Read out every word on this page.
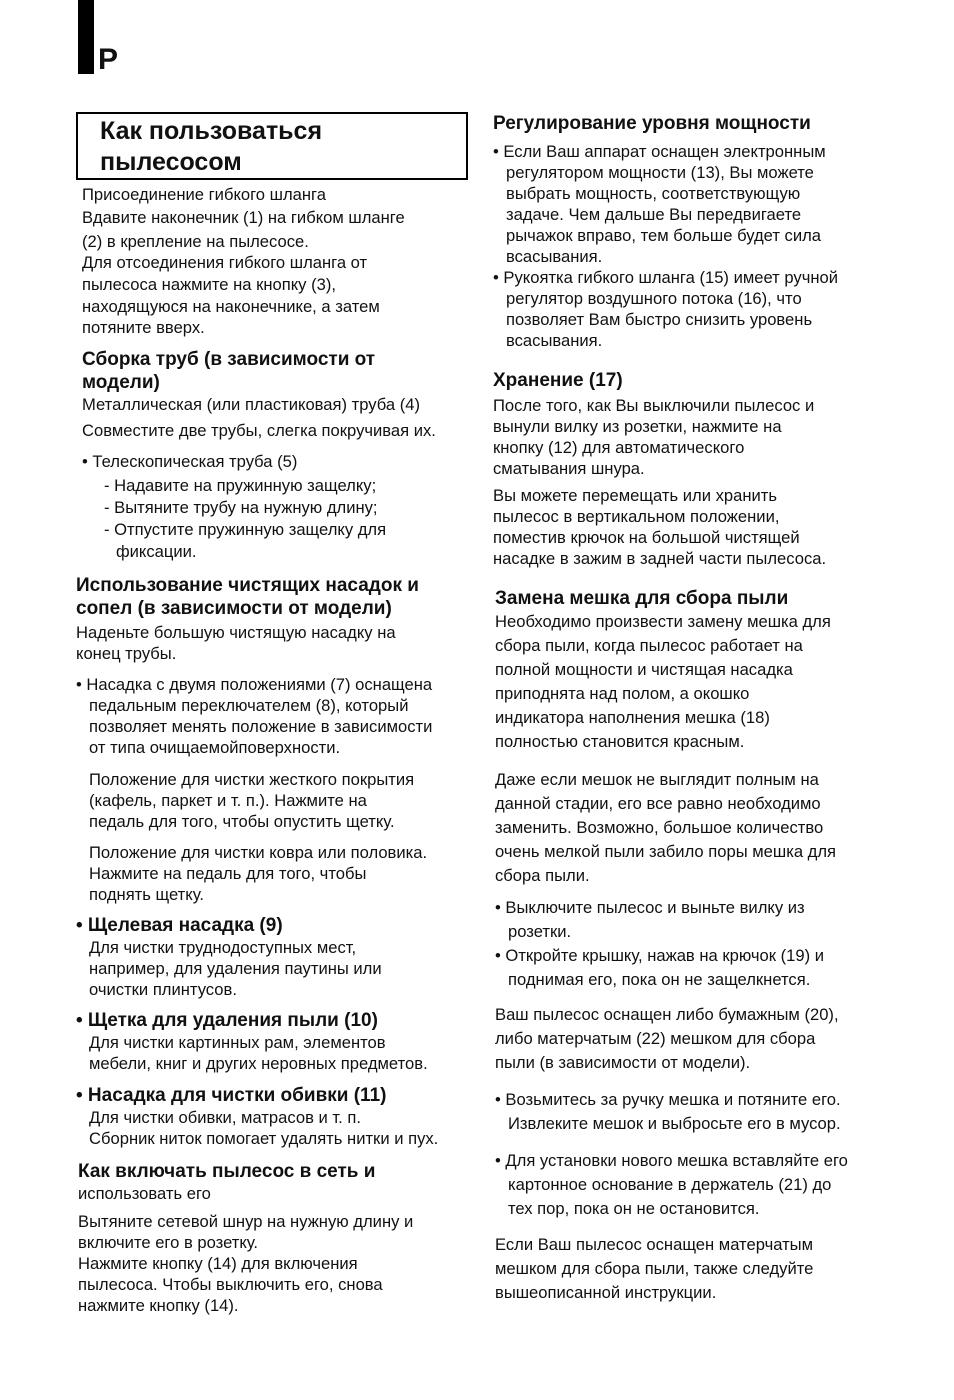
P
Как пользоваться
пылесосом

Присоединение гибкого шланга

Вдавите наконечник (1) на гибком шланге

(2) в крепление на пылесосе.

Для отсоединения гибкого шланга от

пылесоса нажмите на кнопку (3),

находящуюся на наконечнике, а затем

потяните вверх.

Сборка труб (в зависимости от
модели)

Металлическая (или пластиковая) труба (4)

Совместите две трубы, слегка покручивая их.

• Телескопическая труба (5)

- Надавите на пружинную защелку;

- Вытяните трубу на нужную длину;

- Отпустите пружинную защелку для

фиксации.

Использование чистящих насадок и
сопел (в зависимости от модели)

Наденьте большую чистящую насадку на

конец трубы.

• Насадка с двумя положениями (7) оснащена

педальным переключателем (8), который

позволяет менять положение в зависимости

от типа очищаемойповерхности.

Положение для чистки жесткого покрытия

(кафель, паркет и т. п.). Нажмите на

педаль для того, чтобы опустить щетку.

Положение для чистки ковра или половика.

Нажмите на педаль для того, чтобы

поднять щетку.

• Щелевая насадка (9)

Для чистки труднодоступных мест,

например, для удаления паутины или

очистки плинтусов.

• Щетка для удаления пыли (10)

Для чистки картинных рам, элементов

мебели, книг и других неровных предметов.

• Насадка для чистки обивки (11)

Для чистки обивки, матрасов и т. п.

Сборник ниток помогает удалять нитки и пух.

Как включать пылесос в сеть и

использовать его

Вытяните сетевой шнур на нужную длину и

включите его в розетку.

Нажмите кнопку (14) для включения

пылесоса. Чтобы выключить его, снова

нажмите кнопку (14).

Регулирование уровня мощности

• Если Ваш аппарат оснащен электронным

регулятором мощности (13), Вы можете

выбрать мощность, соответствующую

задаче. Чем дальше Вы передвигаете

рычажок вправо, тем больше будет сила

всасывания.

• Рукоятка гибкого шланга (15) имеет ручной

регулятор воздушного потока (16), что

позволяет Вам быстро снизить уровень

всасывания.

Хранение (17)

После того, как Вы выключили пылесос и

вынули вилку из розетки, нажмите на

кнопку (12) для автоматического

сматывания шнура.

Вы можете перемещать или хранить

пылесос в вертикальном положении,

поместив крючок на большой чистящей

насадке в зажим в задней части пылесоса.

Замена мешка для сбора пыли

Необходимо произвести замену мешка для

сбора пыли, когда пылесос работает на

полной мощности и чистящая насадка

приподнята над полом, а окошко

индикатора наполнения мешка (18)

полностью становится красным.

Даже если мешок не выглядит полным на

данной стадии, его все равно необходимо

заменить. Возможно, большое количество

очень мелкой пыли забило поры мешка для

сбора пыли.

• Выключите пылесос и выньте вилку из

розетки.

• Откройте крышку, нажав на крючок (19) и

поднимая его, пока он не защелкнется.

Ваш пылесос оснащен либо бумажным (20),

либо матерчатым (22) мешком для сбора

пыли (в зависимости от модели).

• Возьмитесь за ручку мешка и потяните его.

Извлеките мешок и выбросьте его в мусор.

• Для установки нового мешка вставляйте его

картонное основание в держатель (21) до

тех пор, пока он не остановится.

Если Ваш пылесос оснащен матерчатым

мешком для сбора пыли, также следуйте

вышеописанной инструкции.
